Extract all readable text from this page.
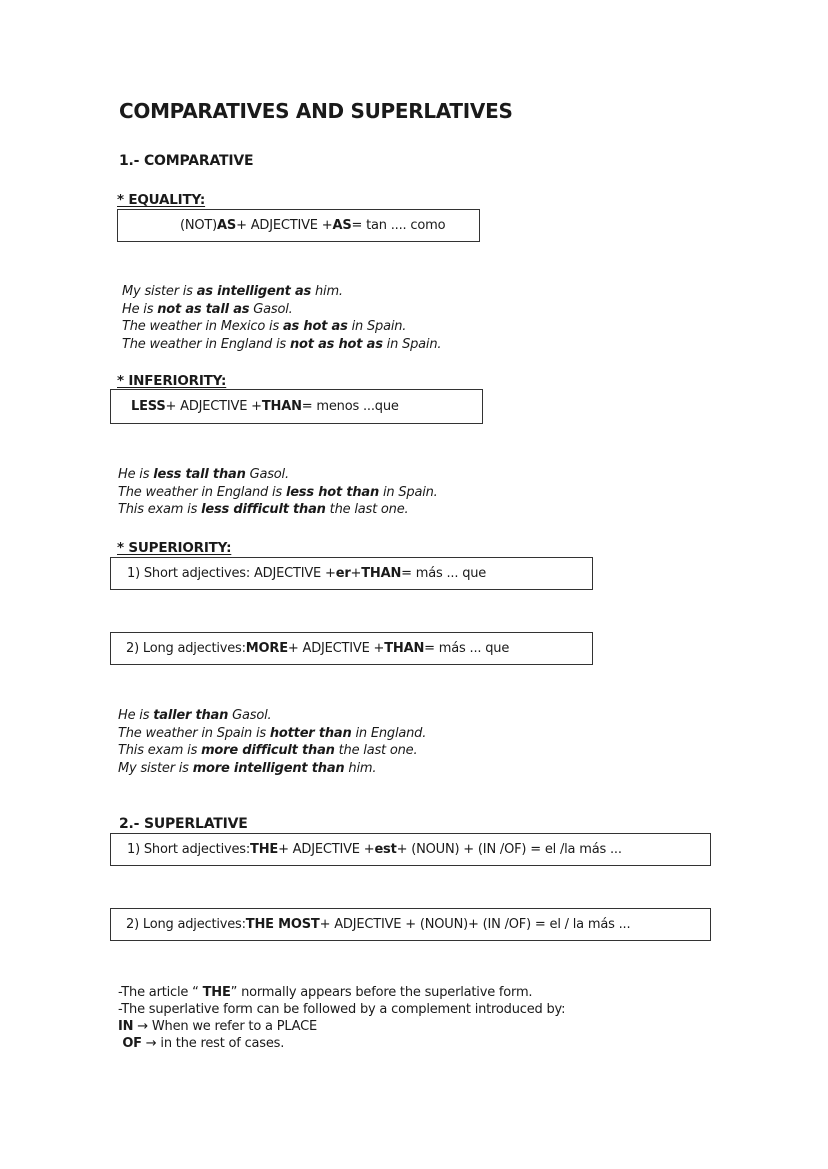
COMPARATIVES AND SUPERLATIVES
1.- COMPARATIVE
* EQUALITY:
(NOT) AS + ADJECTIVE + AS = tan .... como
My sister is as intelligent as him.
He is not as tall as Gasol.
The weather in Mexico is as hot as in Spain.
The weather in England is not as hot as in Spain.
* INFERIORITY:
LESS + ADJECTIVE + THAN = menos ...que
He is less tall than Gasol.
The weather in England is less hot than in Spain.
This exam is less difficult than the last one.
* SUPERIORITY:
1) Short adjectives: ADJECTIVE + er + THAN = más ... que
2) Long adjectives: MORE + ADJECTIVE + THAN = más ... que
He is taller than Gasol.
The weather in Spain is hotter than in England.
This exam is more difficult than the last one.
My sister is more intelligent than him.
2.- SUPERLATIVE
1) Short adjectives: THE + ADJECTIVE + est + (NOUN) + (IN /OF) = el /la más ...
2) Long adjectives: THE MOST + ADJECTIVE + (NOUN)+ (IN /OF) = el / la más ...
-The article “ THE” normally appears before the superlative form.
-The superlative form can be followed by a complement introduced by:
IN → When we refer to a PLACE
OF → in the rest of cases.
